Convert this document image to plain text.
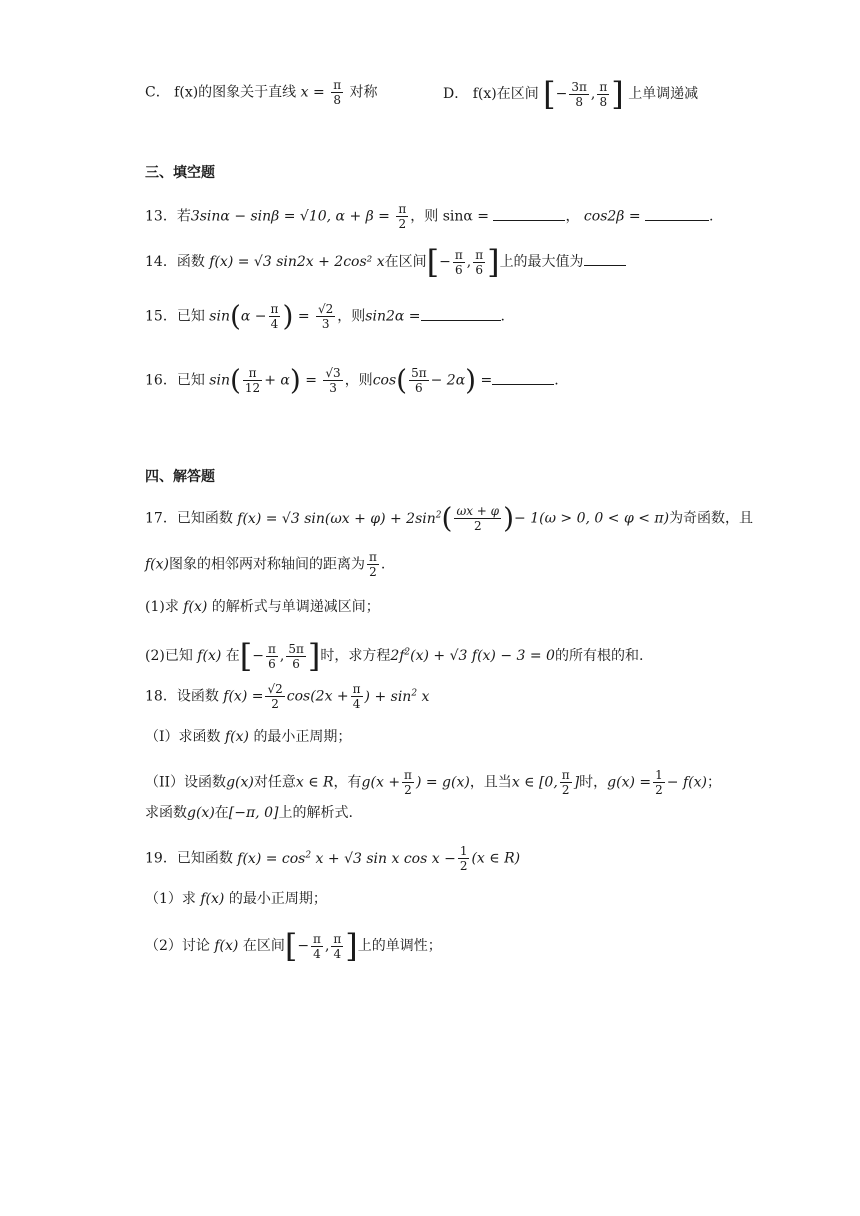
C． f(x)的图象关于直线 $x = \frac{\pi}{8}$ 对称	D． f(x)在区间 [− $\frac{3\pi}{8}$ , $\frac{\pi}{8}$ ] 上单调递减
三、填空题
13．若3sinα − sinβ = √10, $\alpha + \beta = \frac{\pi}{2}$ ，则 sinα =	， cos2β =	.
14．函数 f(x) = √3 sin2x + 2cos² x在区间[− $\frac{\pi}{6}$ , $\frac{\pi}{6}$ ]上的最大值为
15．已知 $\sin(\alpha - \frac{\pi}{4}$ ) = $\frac{√2}{3}$ ，则sin2α =	.
16．已知 $\sin( \frac{\pi}{12} + \alpha) = \frac{√3}{3}$ ，则$\cos( \frac{5\pi}{6} - 2\alpha)$ =	.
四、解答题
17．已知函数 f(x) = √3 $\sin(\omega x + \varphi) + 2\sin^2( \frac{\omega x + \varphi}{2}$ )− 1(ω > 0, 0 < φ < π)为奇函数，且
f(x)图象的相邻两对称轴间的距离为 $\frac{\pi}{2}$ .
(1)求 f(x) 的解析式与单调递减区间；
(2)已知 f(x) 在[− $\frac{\pi}{6}$ , $\frac{5\pi}{6}$ ]时，求方程$2f^2(x) + √3$ f(x) − 3 = 0的所有根的和.
18．设函数 $f(x) = \frac{√2}{2} \cos(2x + \frac{\pi}{4}$ ) + $\sin^2 x$
（I）求函数 f(x) 的最小正周期；
（II）设函数g(x)对任意x ∈ R，有$g(x + \frac{\pi}{2}$ ) = g(x)，且当x ∈ [0, $\frac{\pi}{2}$ ]时，$g(x) = \frac{1}{2} - f(x)$；
求函数g(x)在[−π, 0]上的解析式.
19．已知函数 $f(x) = \cos^2 x + √3$ sin x $\cos x - \frac{1}{2} (x$ ∈ R)
（1）求 f(x) 的最小正周期；
（2）讨论 f(x) 在区间[− $\frac{\pi}{4}$ , $\frac{\pi}{4}$ ]上的单调性；
